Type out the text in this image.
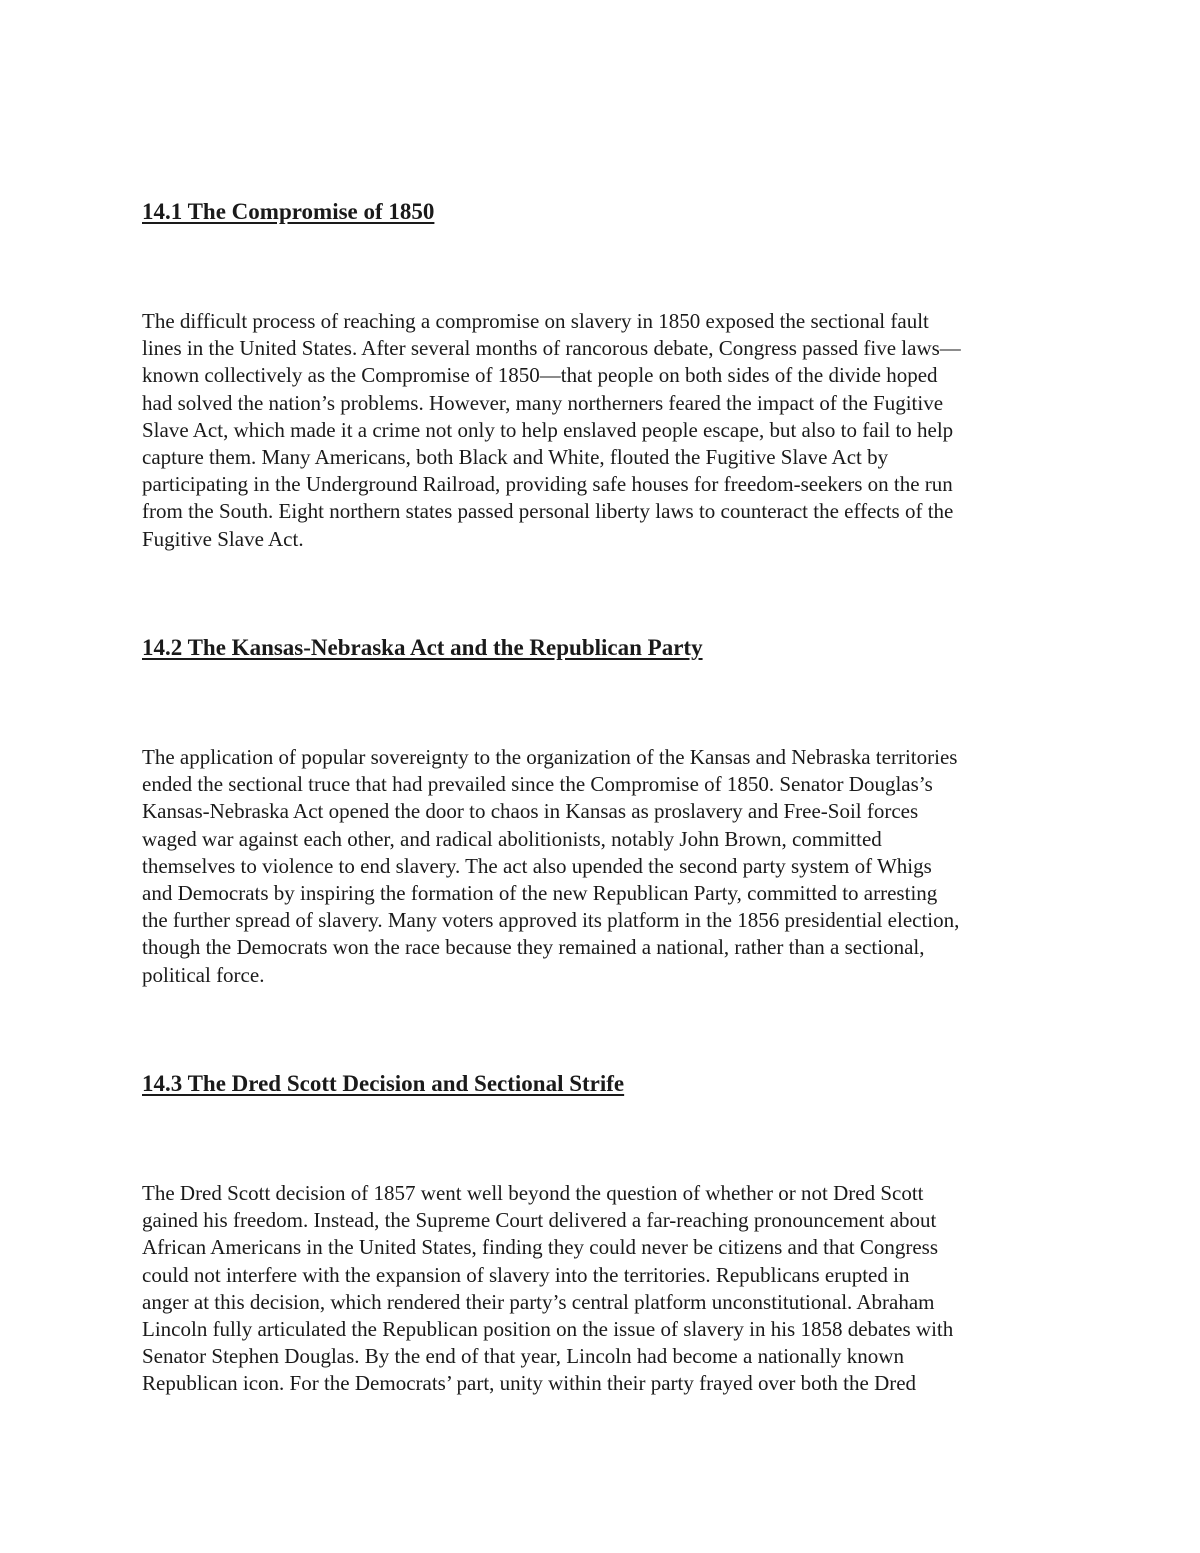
14.1 The Compromise of 1850

The difficult process of reaching a compromise on slavery in 1850 exposed the sectional fault
lines in the United States. After several months of rancorous debate, Congress passed five laws—
known collectively as the Compromise of 1850—that people on both sides of the divide hoped
had solved the nation’s problems. However, many northerners feared the impact of the Fugitive
Slave Act, which made it a crime not only to help enslaved people escape, but also to fail to help
capture them. Many Americans, both Black and White, flouted the Fugitive Slave Act by
participating in the Underground Railroad, providing safe houses for freedom-seekers on the run
from the South. Eight northern states passed personal liberty laws to counteract the effects of the
Fugitive Slave Act.

14.2 The Kansas-Nebraska Act and the Republican Party

The application of popular sovereignty to the organization of the Kansas and Nebraska territories
ended the sectional truce that had prevailed since the Compromise of 1850. Senator Douglas’s
Kansas-Nebraska Act opened the door to chaos in Kansas as proslavery and Free-Soil forces
waged war against each other, and radical abolitionists, notably John Brown, committed
themselves to violence to end slavery. The act also upended the second party system of Whigs
and Democrats by inspiring the formation of the new Republican Party, committed to arresting
the further spread of slavery. Many voters approved its platform in the 1856 presidential election,
though the Democrats won the race because they remained a national, rather than a sectional,
political force.

14.3 The Dred Scott Decision and Sectional Strife

The Dred Scott decision of 1857 went well beyond the question of whether or not Dred Scott
gained his freedom. Instead, the Supreme Court delivered a far-reaching pronouncement about
African Americans in the United States, finding they could never be citizens and that Congress
could not interfere with the expansion of slavery into the territories. Republicans erupted in
anger at this decision, which rendered their party’s central platform unconstitutional. Abraham
Lincoln fully articulated the Republican position on the issue of slavery in his 1858 debates with
Senator Stephen Douglas. By the end of that year, Lincoln had become a nationally known
Republican icon. For the Democrats’ part, unity within their party frayed over both the Dred
